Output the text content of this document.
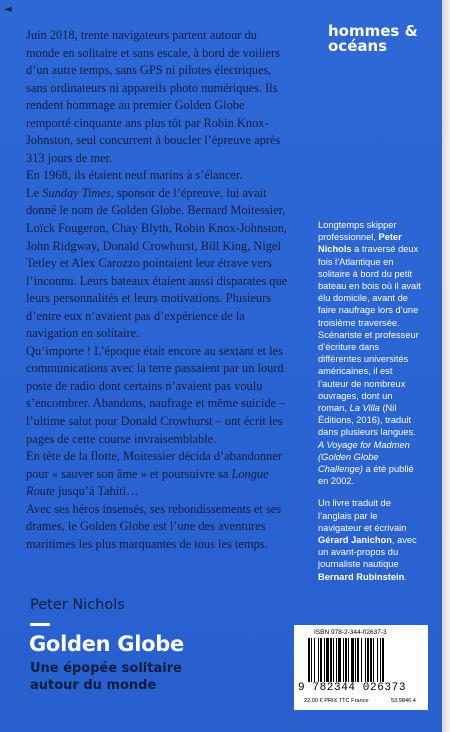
◄
hommes &
océans

Juin 2018, trente navigateurs partent autour du monde en solitaire et sans escale, à bord de voiliers d’un autre temps, sans GPS ni pilotes électriques, sans ordinateurs ni appareils photo numériques. Ils rendent hommage au premier Golden Globe remporté cinquante ans plus tôt par Robin Knox-Johnston, seul concurrent à boucler l’épreuve après 313 jours de mer.

En 1968, ils étaient neuf marins à s’élancer.

Le Sunday Times, sponsor de l’épreuve, lui avait donné le nom de Golden Globe. Bernard Moitessier, Loïck Fougeron, Chay Blyth, Robin Knox-Johnston, John Ridgway, Donald Crowhurst, Bill King, Nigel Tetley et Alex Carozzo pointaient leur étrave vers l’inconnu. Leurs bateaux étaient aussi disparates que leurs personnalités et leurs motivations. Plusieurs d’entre eux n’avaient pas d’expérience de la navigation en solitaire.

Qu’importe ! L’époque était encore au sextant et les communications avec la terre passaient par un lourd poste de radio dont certains n’avaient pas voulu s’encombrer. Abandons, naufrage et même suicide – l’ultime salut pour Donald Crowhurst – ont écrit les pages de cette course invraisemblable.

En tête de la flotte, Moitessier décida d’abandonner pour « sauver son âme » et poursuivre sa Longue Route jusqu’à Tahiti…

Avec ses héros insensés, ses rebondissements et ses drames, le Golden Globe est l’une des aventures maritimes les plus marquantes de tous les temps.

Longtemps skipper professionnel, Peter Nichols a traversé deux fois l’Atlantique en solitaire à bord du petit bateau en bois où il avait élu domicile, avant de faire naufrage lors d’une troisième traversée. Scénariste et professeur d’écriture dans différentes universités américaines, il est l’auteur de nombreux ouvrages, dont un roman, La Villa (Nil Éditions, 2016), traduit dans plusieurs langues. A Voyage for Madmen (Golden Globe Challenge) a été publié en 2002.

Un livre traduit de l’anglais par le navigateur et écrivain Gérard Janichon, avec un avant-propos du journaliste nautique Bernard Rubinstein.

Peter Nichols
Golden Globe
Une épopée solitaire
autour du monde
ISBN 978-2-344-02637-3
9 782344 026373
22.00 € PRIX TTC France	53.9846.4
